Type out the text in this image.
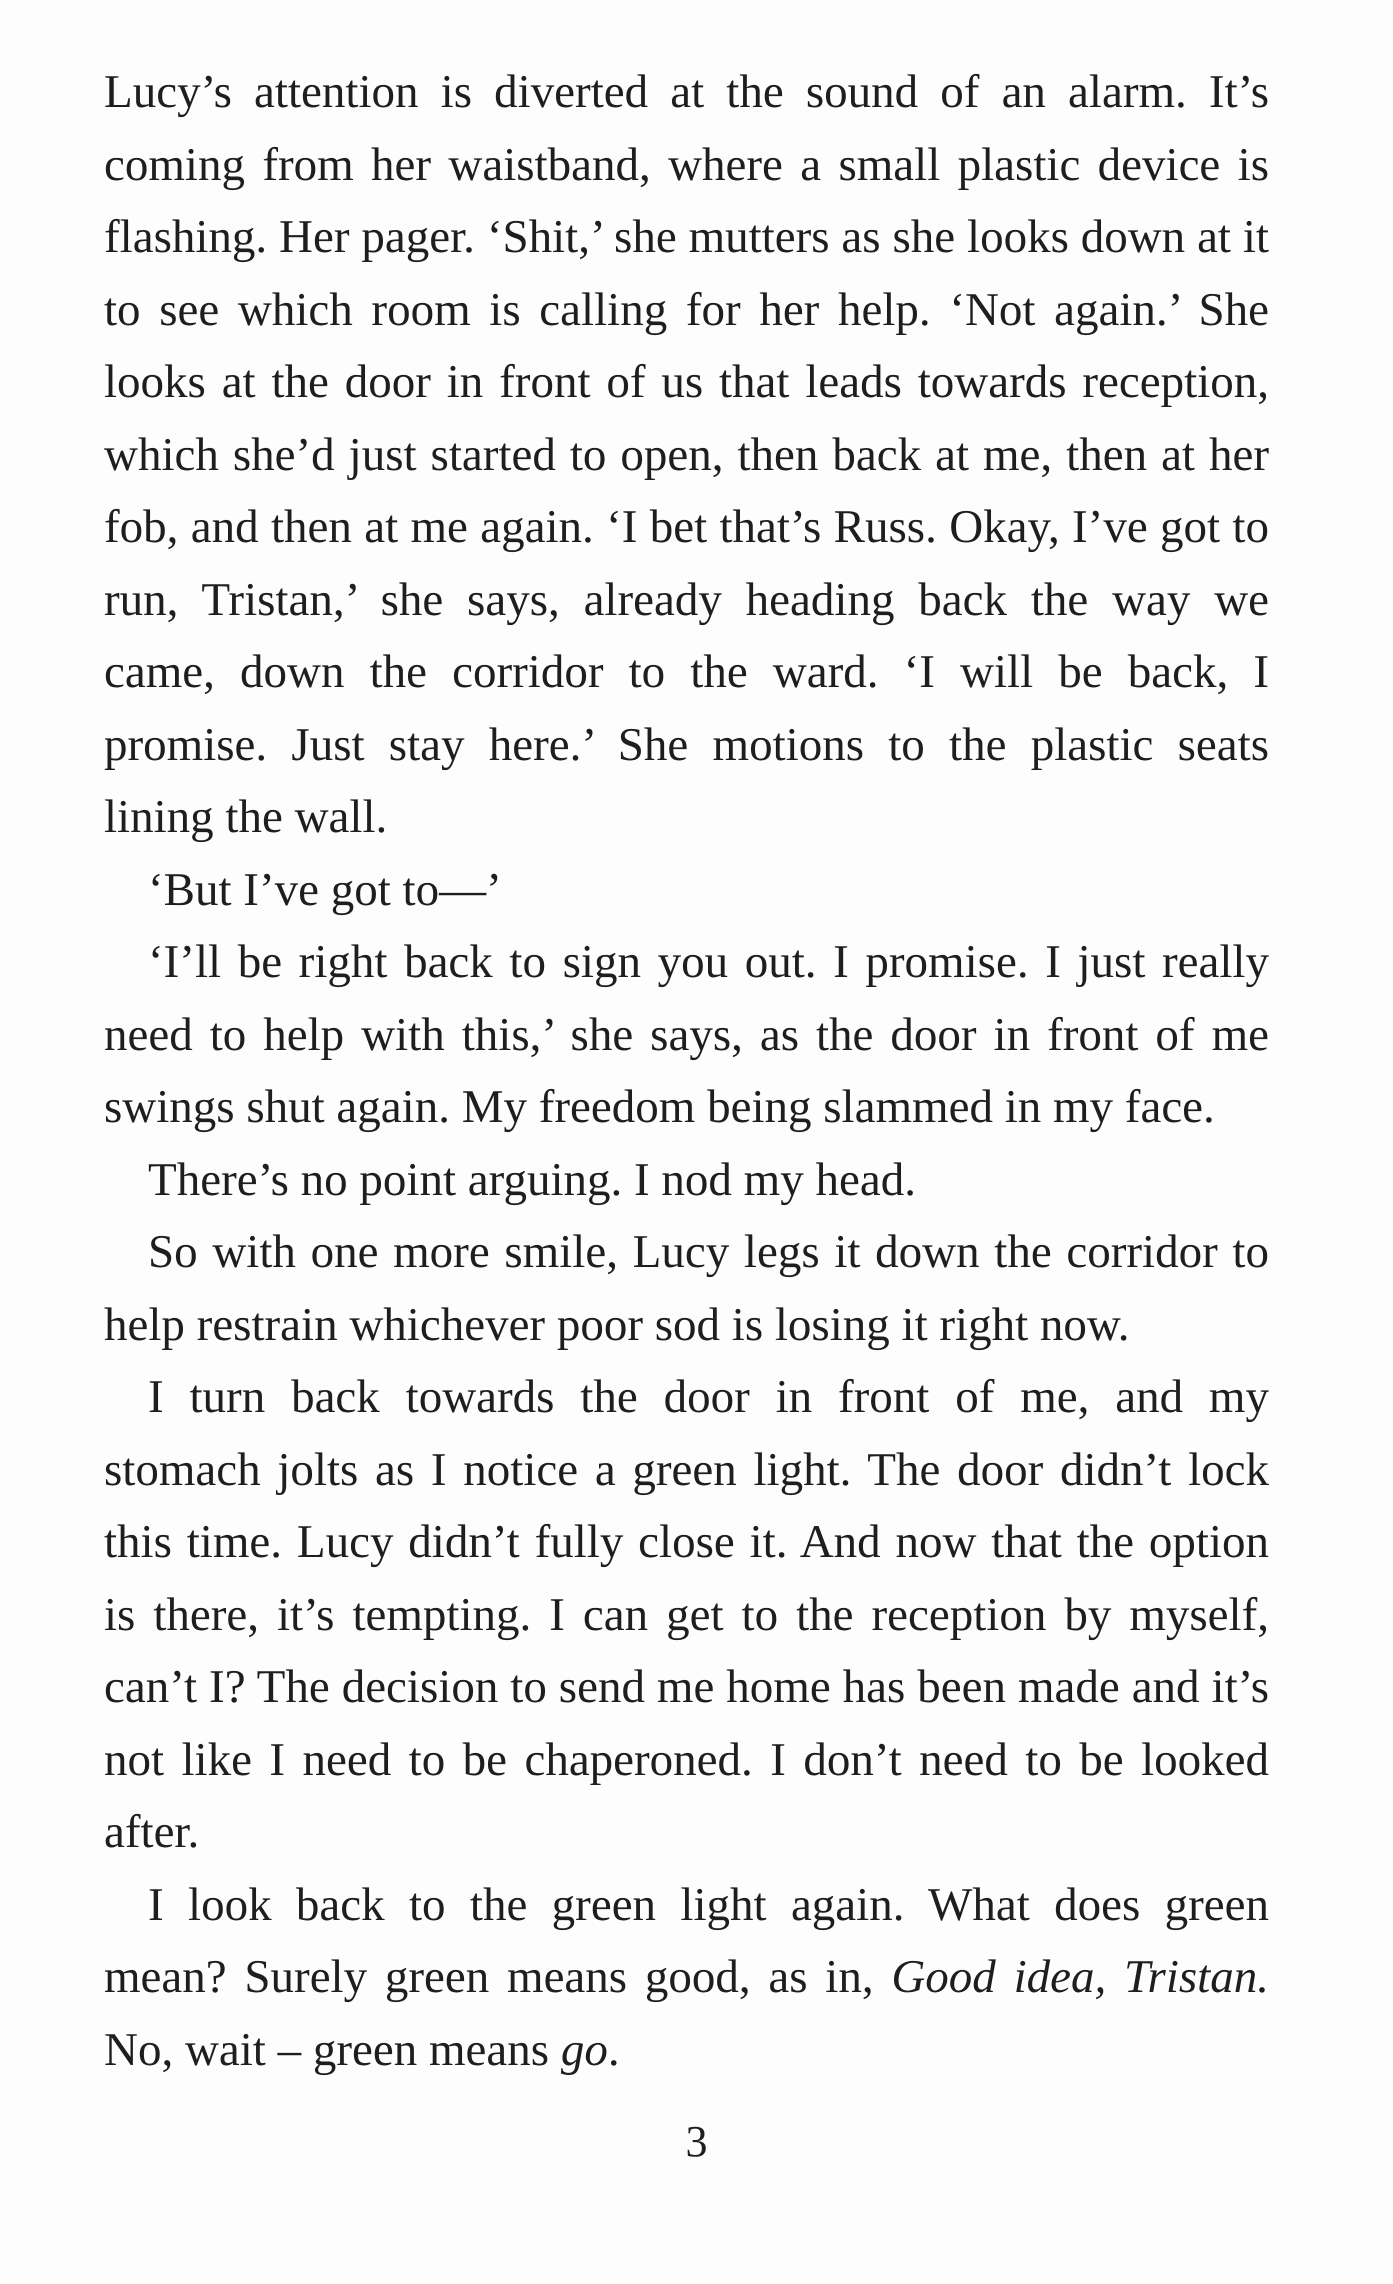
Lucy’s attention is diverted at the sound of an alarm. It’s coming from her waistband, where a small plastic device is flashing. Her pager. ‘Shit,’ she mutters as she looks down at it to see which room is calling for her help. ‘Not again.’ She looks at the door in front of us that leads towards reception, which she’d just started to open, then back at me, then at her fob, and then at me again. ‘I bet that’s Russ. Okay, I’ve got to run, Tristan,’ she says, already heading back the way we came, down the corridor to the ward. ‘I will be back, I promise. Just stay here.’ She motions to the plastic seats lining the wall.

‘But I’ve got to—’

‘I’ll be right back to sign you out. I promise. I just really need to help with this,’ she says, as the door in front of me swings shut again. My freedom being slammed in my face.

There’s no point arguing. I nod my head.

So with one more smile, Lucy legs it down the corridor to help restrain whichever poor sod is losing it right now.

I turn back towards the door in front of me, and my stomach jolts as I notice a green light. The door didn’t lock this time. Lucy didn’t fully close it. And now that the option is there, it’s tempting. I can get to the reception by myself, can’t I? The decision to send me home has been made and it’s not like I need to be chaperoned. I don’t need to be looked after.

I look back to the green light again. What does green mean? Surely green means good, as in, Good idea, Tristan. No, wait – green means go.

3
